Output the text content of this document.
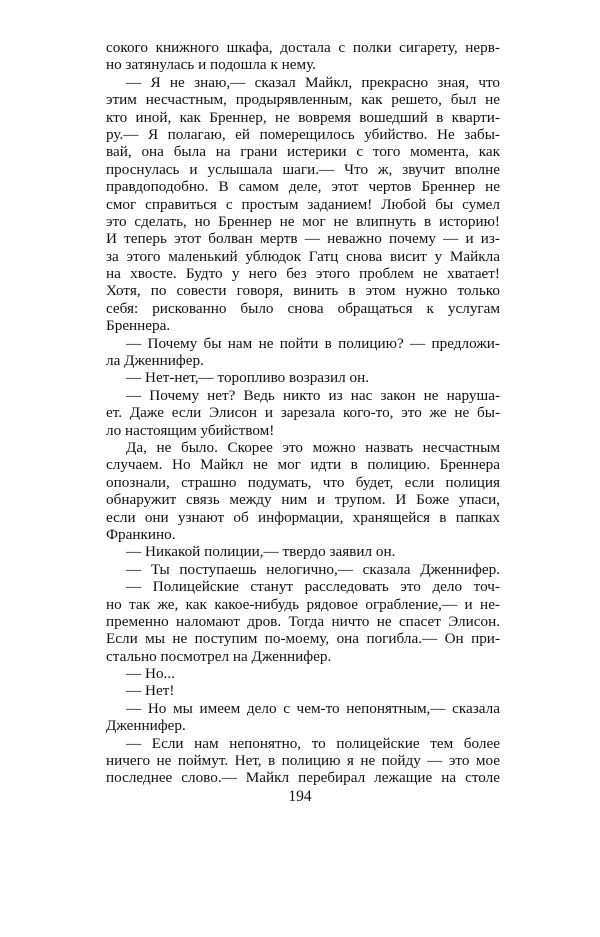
сокого книжного шкафа, достала с полки сигарету, нерв-
но затянулась и подошла к нему.
— Я не знаю,— сказал Майкл, прекрасно зная, что
этим несчастным, продырявленным, как решето, был не
кто иной, как Бреннер, не вовремя вошедший в кварти-
ру.— Я полагаю, ей померещилось убийство. Не забы-
вай, она была на грани истерики с того момента, как
проснулась и услышала шаги.— Что ж, звучит вполне
правдоподобно. В самом деле, этот чертов Бреннер не
смог справиться с простым заданием! Любой бы сумел
это сделать, но Бреннер не мог не влипнуть в историю!
И теперь этот болван мертв — неважно почему — и из-
за этого маленький ублюдок Гатц снова висит у Майкла
на хвосте. Будто у него без этого проблем не хватает!
Хотя, по совести говоря, винить в этом нужно только
себя: рискованно было снова обращаться к услугам
Бреннера.
— Почему бы нам не пойти в полицию? — предложи-
ла Дженнифер.
— Нет-нет,— торопливо возразил он.
— Почему нет? Ведь никто из нас закон не наруша-
ет. Даже если Элисон и зарезала кого-то, это же не бы-
ло настоящим убийством!
Да, не было. Скорее это можно назвать несчастным
случаем. Но Майкл не мог идти в полицию. Бреннера
опознали, страшно подумать, что будет, если полиция
обнаружит связь между ним и трупом. И Боже упаси,
если они узнают об информации, хранящейся в папках
Франкино.
— Никакой полиции,— твердо заявил он.
— Ты поступаешь нелогично,— сказала Дженнифер.
— Полицейские станут расследовать это дело точ-
но так же, как какое-нибудь рядовое ограбление,— и не-
пременно наломают дров. Тогда ничто не спасет Элисон.
Если мы не поступим по-моему, она погибла.— Он при-
стально посмотрел на Дженнифер.
— Но...
— Нет!
— Но мы имеем дело с чем-то непонятным,— сказала
Дженнифер.
— Если нам непонятно, то полицейские тем более
ничего не поймут. Нет, в полицию я не пойду — это мое
последнее слово.— Майкл перебирал лежащие на столе
194
